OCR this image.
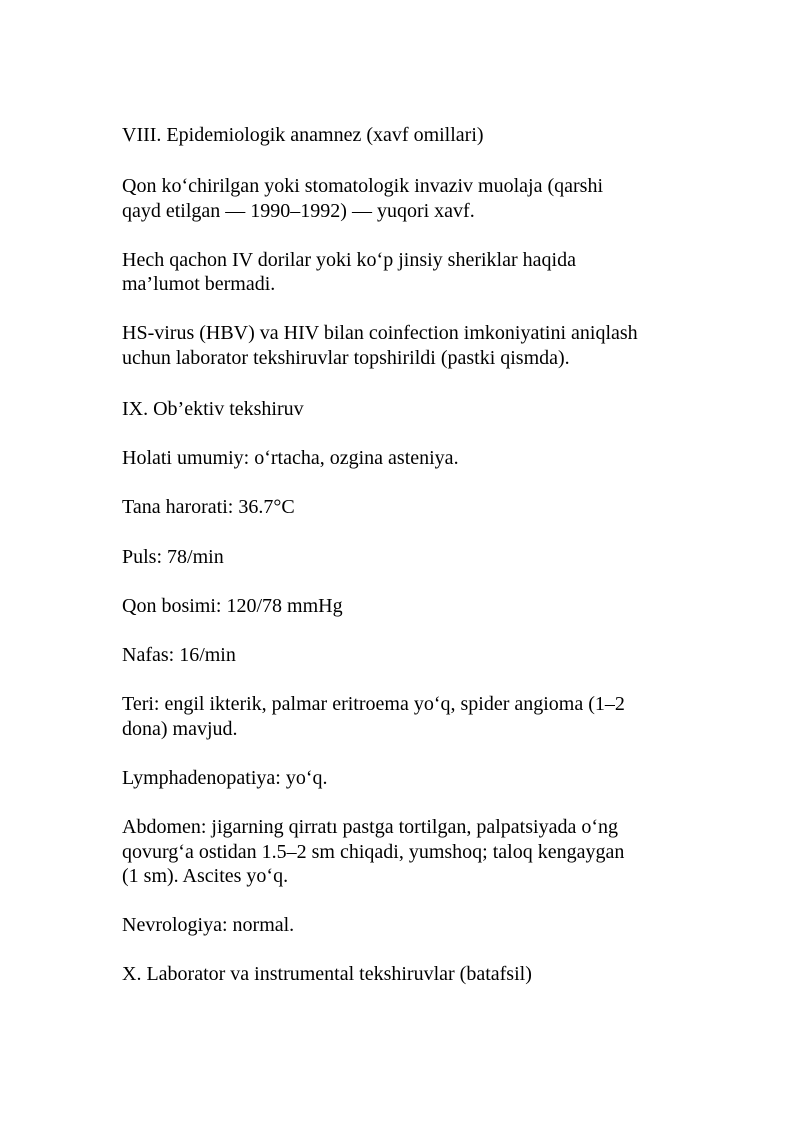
VIII. Epidemiologik anamnez (xavf omillari)

Qon ko‘chirilgan yoki stomatologik invaziv muolaja (qarshi

qayd etilgan — 1990–1992) — yuqori xavf.

Hech qachon IV dorilar yoki ko‘p jinsiy sheriklar haqida

ma’lumot bermadi.

HS-virus (HBV) va HIV bilan coinfection imkoniyatini aniqlash

uchun laborator tekshiruvlar topshirildi (pastki qismda).

IX. Ob’ektiv tekshiruv

Holati umumiy: o‘rtacha, ozgina asteniya.

Tana harorati: 36.7°C

Puls: 78/min

Qon bosimi: 120/78 mmHg

Nafas: 16/min

Teri: engil ikterik, palmar eritroema yo‘q, spider angioma (1–2

dona) mavjud.

Lymphadenopatiya: yo‘q.

Abdomen: jigarning qirratı pastga tortilgan, palpatsiyada o‘ng

qovurg‘a ostidan 1.5–2 sm chiqadi, yumshoq; taloq kengaygan

(1 sm). Ascites yo‘q.

Nevrologiya: normal.

X. Laborator va instrumental tekshiruvlar (batafsil)
